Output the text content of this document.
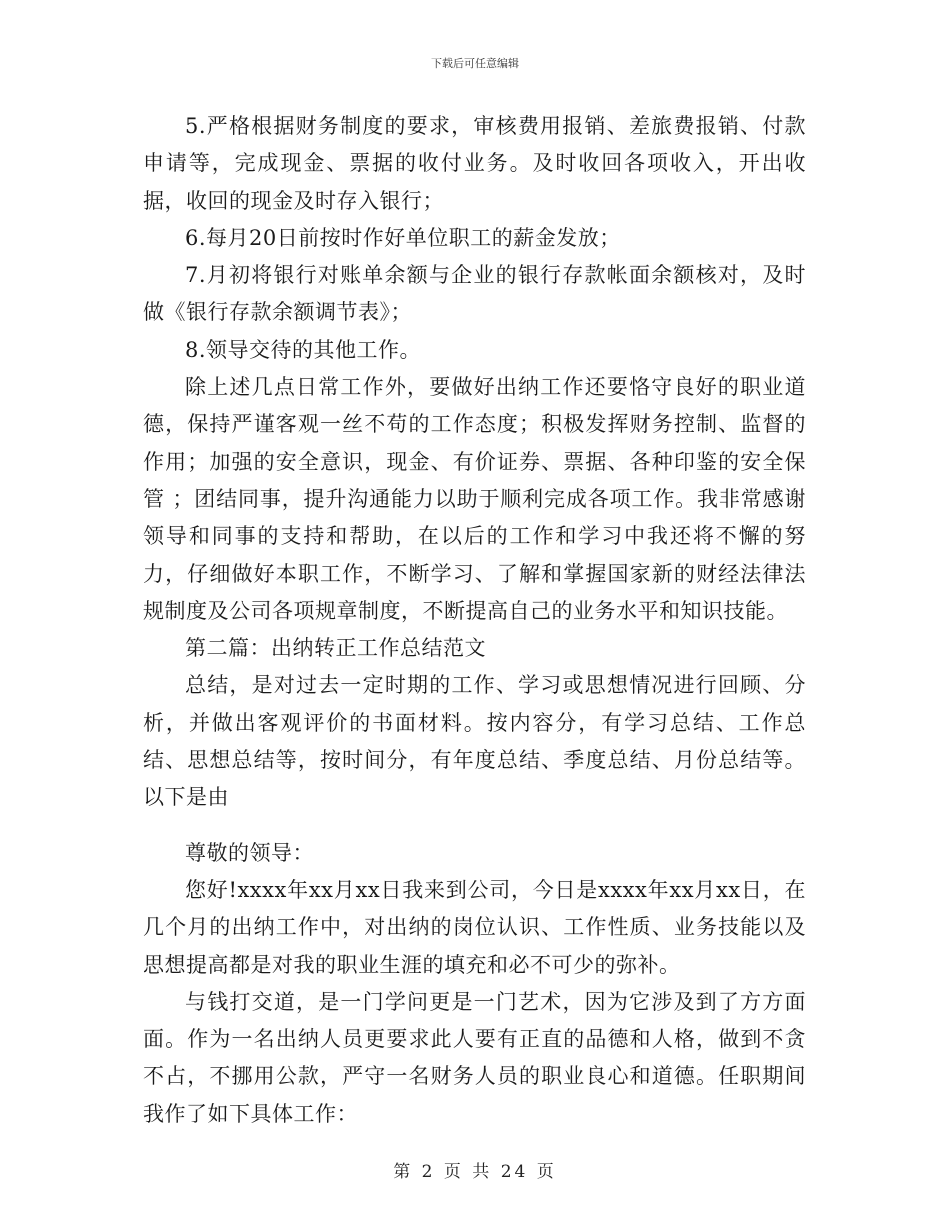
下载后可任意编辑

5.严格根据财务制度的要求，审核费用报销、差旅费报销、付款申请等，完成现金、票据的收付业务。及时收回各项收入，开出收据，收回的现金及时存入银行；

6.每月20日前按时作好单位职工的薪金发放；

7.月初将银行对账单余额与企业的银行存款帐面余额核对，及时做《银行存款余额调节表》；

8.领导交待的其他工作。

除上述几点日常工作外，要做好出纳工作还要恪守良好的职业道德，保持严谨客观一丝不苟的工作态度；积极发挥财务控制、监督的作用；加强的安全意识，现金、有价证券、票据、各种印鉴的安全保管 ；团结同事，提升沟通能力以助于顺利完成各项工作。我非常感谢领导和同事的支持和帮助，在以后的工作和学习中我还将不懈的努力，仔细做好本职工作，不断学习、了解和掌握国家新的财经法律法规制度及公司各项规章制度，不断提高自己的业务水平和知识技能。

第二篇：出纳转正工作总结范文

总结，是对过去一定时期的工作、学习或思想情况进行回顾、分析，并做出客观评价的书面材料。按内容分，有学习总结、工作总结、思想总结等，按时间分，有年度总结、季度总结、月份总结等。以下是由

尊敬的领导：

您好!xxxx年xx月xx日我来到公司，今日是xxxx年xx月xx日，在几个月的出纳工作中，对出纳的岗位认识、工作性质、业务技能以及思想提高都是对我的职业生涯的填充和必不可少的弥补。

与钱打交道，是一门学问更是一门艺术，因为它涉及到了方方面面。作为一名出纳人员更要求此人要有正直的品德和人格，做到不贪不占，不挪用公款，严守一名财务人员的职业良心和道德。任职期间我作了如下具体工作：

第 2 页 共 24 页
